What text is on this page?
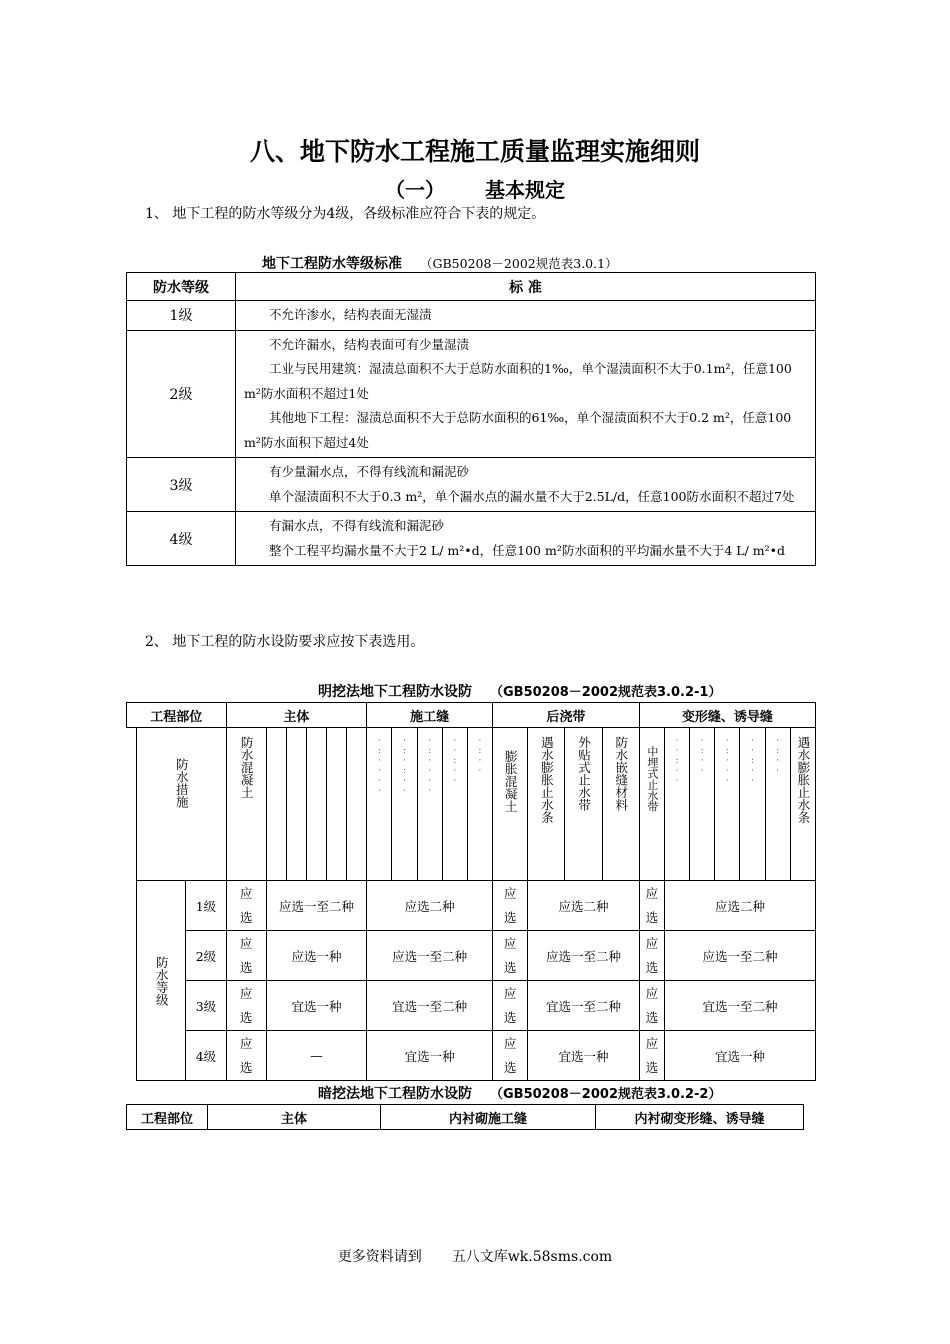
八、地下防水工程施工质量监理实施细则
（一） 基本规定
1、 地下工程的防水等级分为4级，各级标准应符合下表的规定。
地下工程防水等级标准 （GB50208－2002规范表3.0.1）
防水等级	标 准
1级	不允许渗水，结构表面无湿渍

2级	不允许漏水，结构表面可有少量湿渍
工业与民用建筑：湿渍总面积不大于总防水面积的1‰，单个湿渍面积不大于0.1m²，任意100 m²防水面积不超过1处
其他地下工程：湿渍总面积不大于总防水面积的61‰，单个湿渍面积不大于0.2 m²，任意100 m²防水面积下超过4处

3级	有少量漏水点，不得有线流和漏泥砂
单个湿渍面积不大于0.3 m²，单个漏水点的漏水量不大于2.5L/d，任意100防水面积不超过7处

4级	有漏水点，不得有线流和漏泥砂
整个工程平均漏水量不大于2 L/ m²•d，任意100 m²防水面积的平均漏水量不大于4 L/ m²•d
2、 地下工程的防水设防要求应按下表选用。
明挖法地下工程防水设防 （GB50208－2002规范表3.0.2-1）
工程部位			主体						施工缝					后浇带				变形缝、诱导缝						

	防水措施		防水混凝土						·:····	·:·:··	·:····	··:··	·:··	膨胀混凝土	遇水膨胀止水条	外贴式止水带	防水嵌缝材料	中埋式止水带	··:··	·:··	·:···	··:··	·:··	遇水膨胀止水条

	防水等级	1级	应选	应选一至二种					应选二种					应选	应选二种			应选	应选二种					
		2级	应选	应选一种					应选一至二种					应选	应选一至二种			应选	应选一至二种					
		3级	应选	宜选一种					宜选一至二种					应选	宜选一至二种			应选	宜选一至二种					
		4级	应选	—					宜选一种					应选	宜选一种			应选	宜选一种					
暗挖法地下工程防水设防 （GB50208－2002规范表3.0.2-2）
工程部位	主体	内衬砌施工缝	内衬砌变形缝、诱导缝
更多资料请到 五八文库wk.58sms.com
